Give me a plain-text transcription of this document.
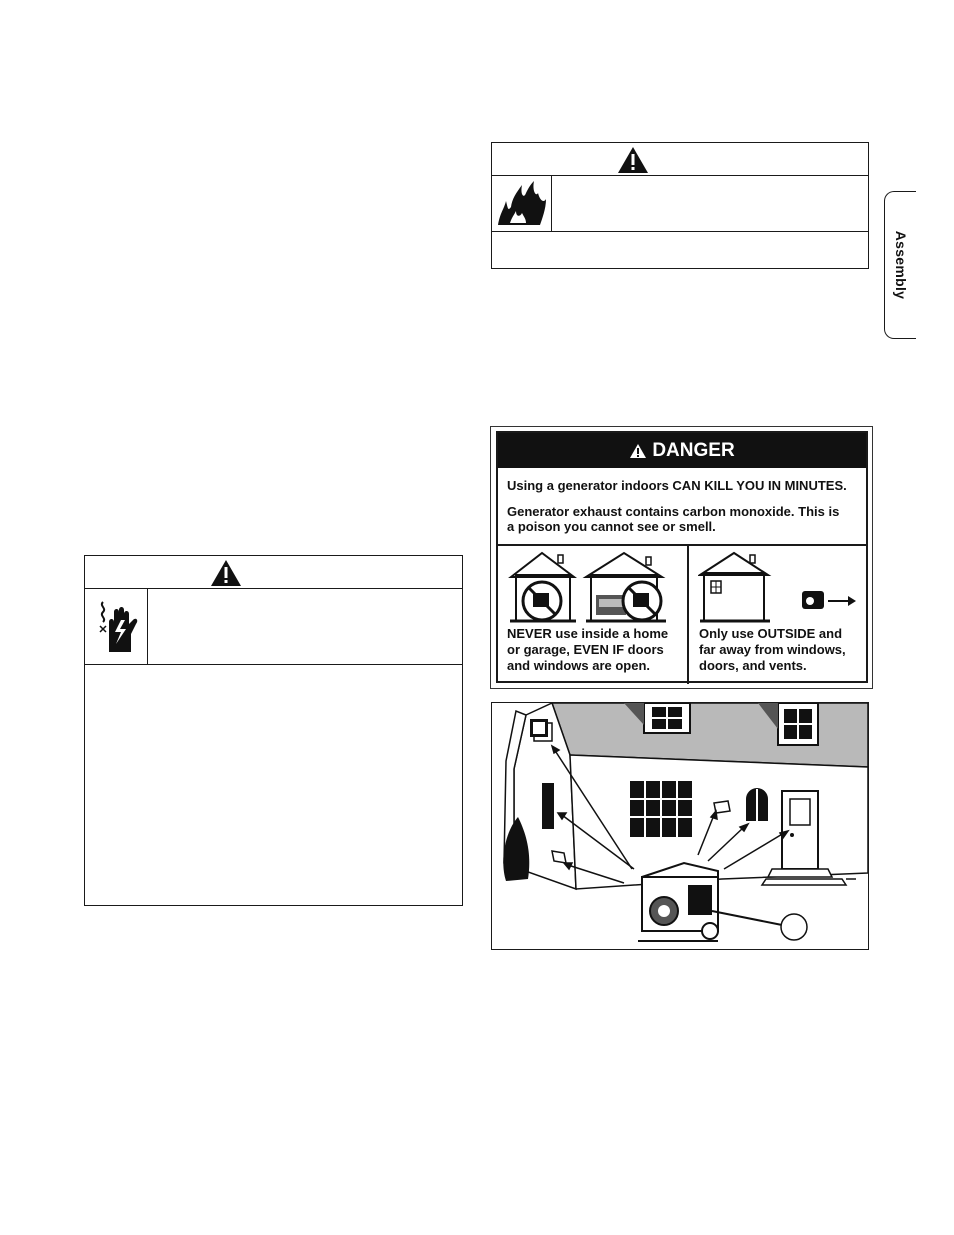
Assembly
DANGER
Using a generator indoors CAN KILL YOU IN MINUTES.
Generator exhaust contains carbon monoxide. This is
a poison you cannot see or smell.
NEVER use inside a home
or garage, EVEN IF doors
and windows are open.
Only use OUTSIDE and
far away from windows,
doors, and vents.
